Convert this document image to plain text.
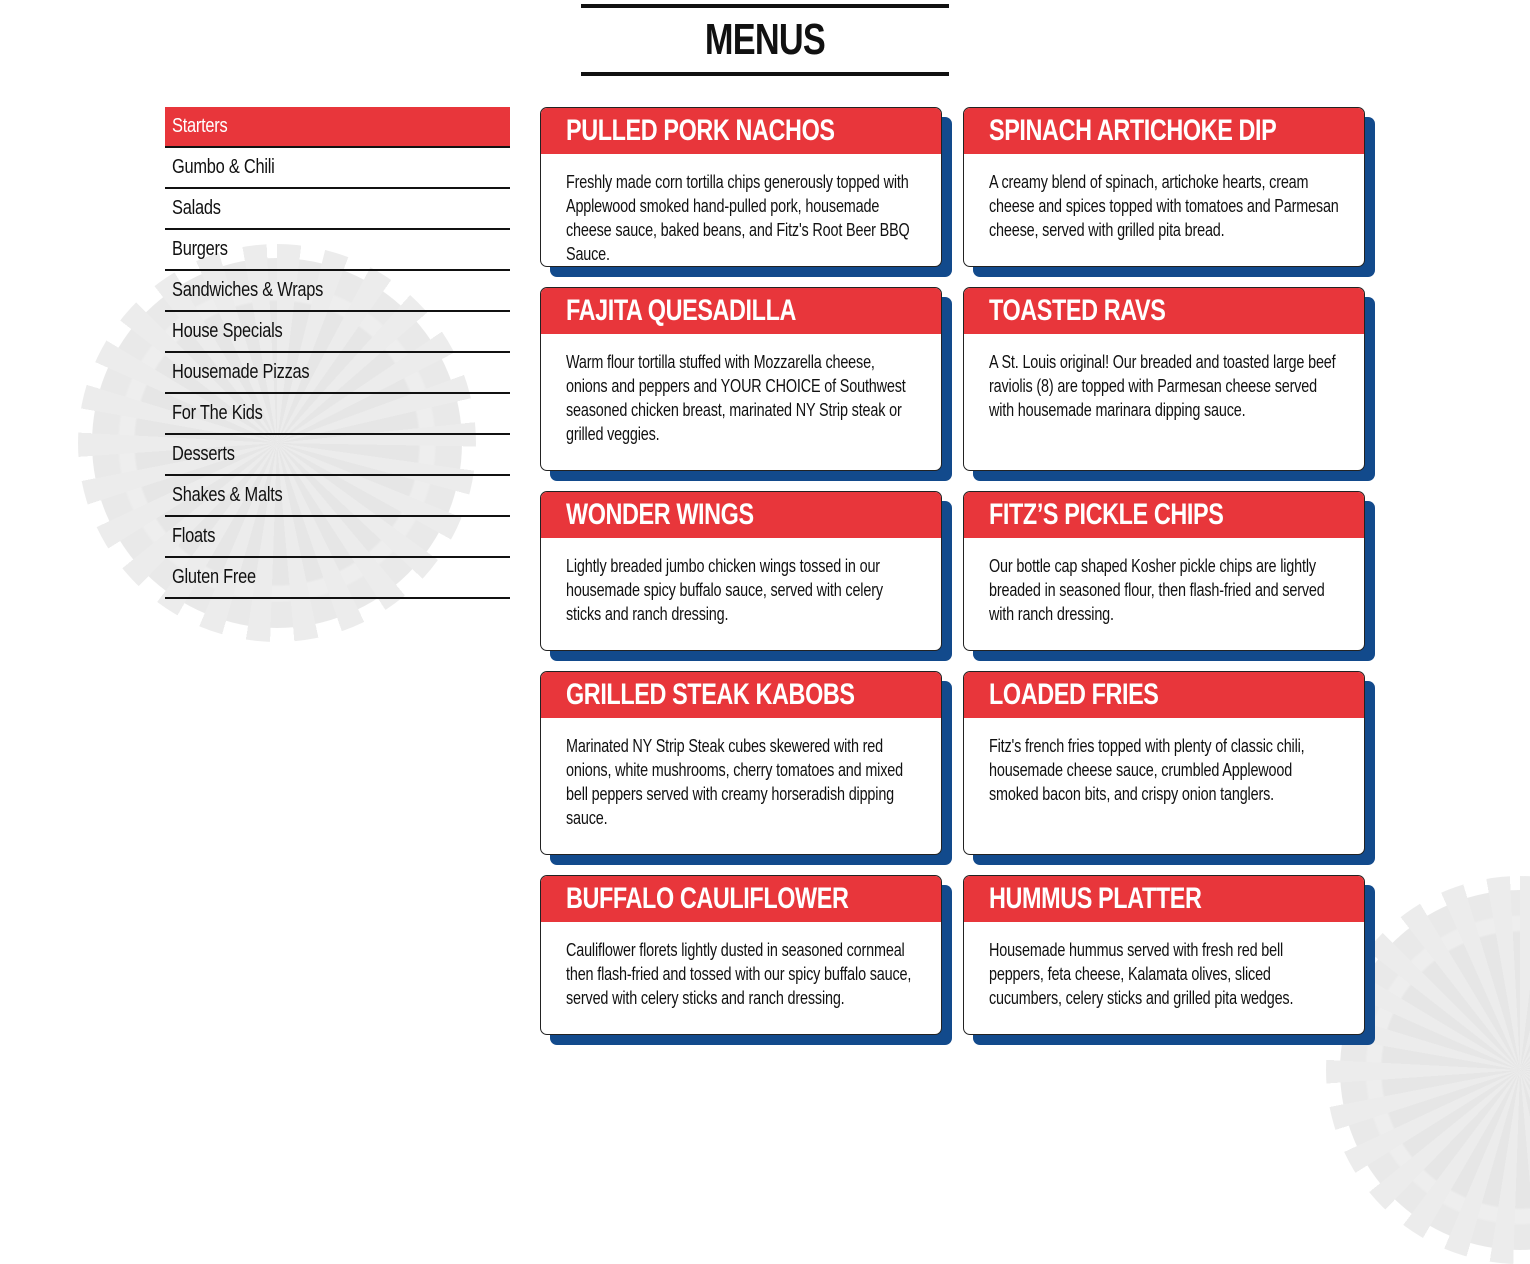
MENUS
Starters
Gumbo & Chili
Salads
Burgers
Sandwiches & Wraps
House Specials
Housemade Pizzas
For The Kids
Desserts
Shakes & Malts
Floats
Gluten Free
PULLED PORK NACHOS
Freshly made corn tortilla chips generously topped with Applewood smoked hand-pulled pork, housemade cheese sauce, baked beans, and Fitz's Root Beer BBQ Sauce.
SPINACH ARTICHOKE DIP
A creamy blend of spinach, artichoke hearts, cream cheese and spices topped with tomatoes and Parmesan cheese, served with grilled pita bread.
FAJITA QUESADILLA
Warm flour tortilla stuffed with Mozzarella cheese, onions and peppers and YOUR CHOICE of Southwest seasoned chicken breast, marinated NY Strip steak or grilled veggies.
TOASTED RAVS
A St. Louis original! Our breaded and toasted large beef raviolis (8) are topped with Parmesan cheese served with housemade marinara dipping sauce.
WONDER WINGS
Lightly breaded jumbo chicken wings tossed in our housemade spicy buffalo sauce, served with celery sticks and ranch dressing.
FITZ’S PICKLE CHIPS
Our bottle cap shaped Kosher pickle chips are lightly breaded in seasoned flour, then flash-fried and served with ranch dressing.
GRILLED STEAK KABOBS
Marinated NY Strip Steak cubes skewered with red onions, white mushrooms, cherry tomatoes and mixed bell peppers served with creamy horseradish dipping sauce.
LOADED FRIES
Fitz's french fries topped with plenty of classic chili, housemade cheese sauce, crumbled Applewood smoked bacon bits, and crispy onion tanglers.
BUFFALO CAULIFLOWER
Cauliflower florets lightly dusted in seasoned cornmeal then flash-fried and tossed with our spicy buffalo sauce, served with celery sticks and ranch dressing.
HUMMUS PLATTER
Housemade hummus served with fresh red bell peppers, feta cheese, Kalamata olives, sliced cucumbers, celery sticks and grilled pita wedges.
